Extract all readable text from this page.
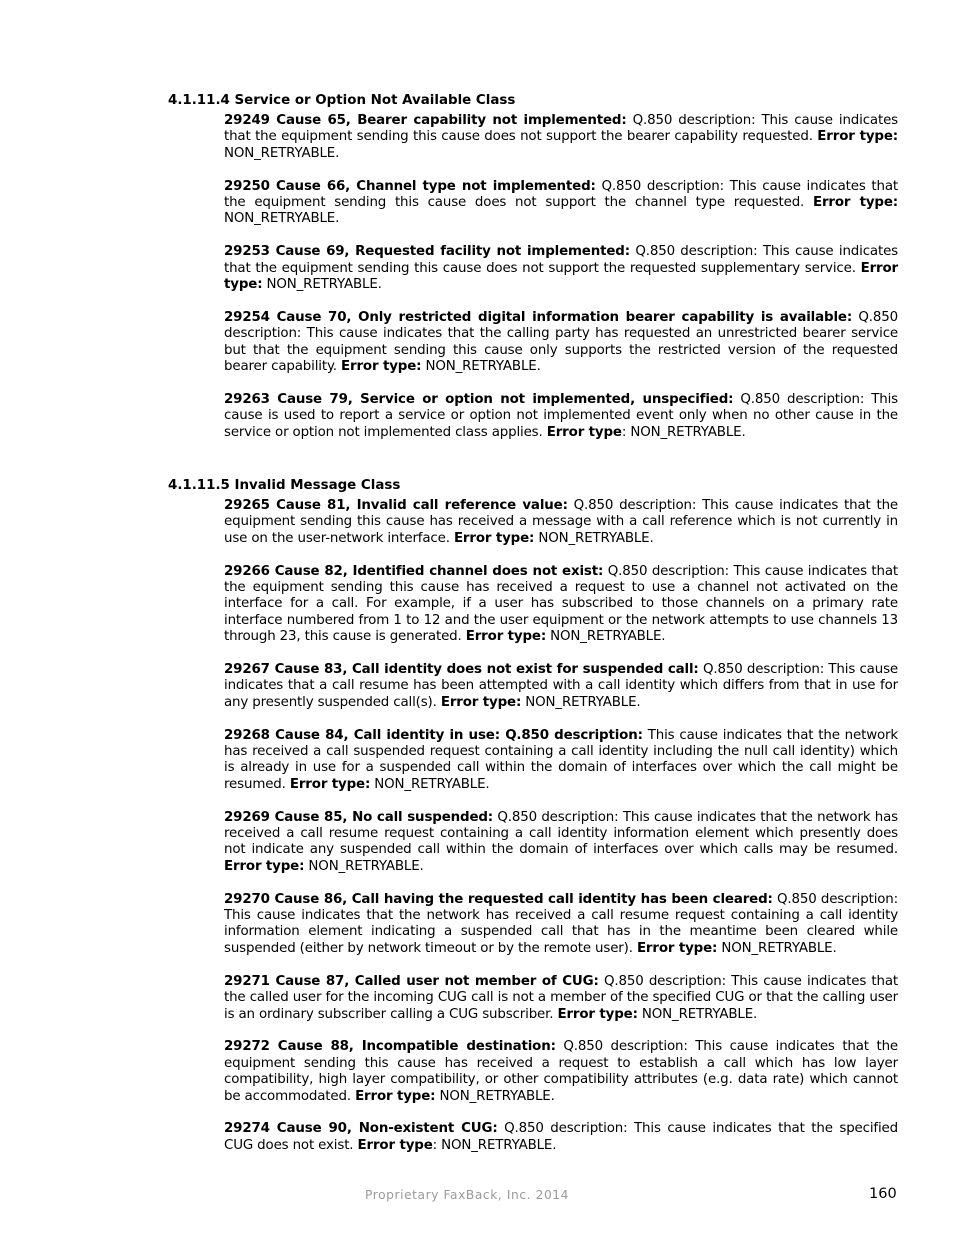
4.1.11.4 Service or Option Not Available Class

29249 Cause 65, Bearer capability not implemented: Q.850 description: This cause indicates that the equipment sending this cause does not support the bearer capability requested. Error type: NON_RETRYABLE.

29250 Cause 66, Channel type not implemented: Q.850 description: This cause indicates that the equipment sending this cause does not support the channel type requested. Error type: NON_RETRYABLE.

29253 Cause 69, Requested facility not implemented: Q.850 description: This cause indicates that the equipment sending this cause does not support the requested supplementary service. Error type: NON_RETRYABLE.

29254 Cause 70, Only restricted digital information bearer capability is available: Q.850 description: This cause indicates that the calling party has requested an unrestricted bearer service but that the equipment sending this cause only supports the restricted version of the requested bearer capability. Error type: NON_RETRYABLE.

29263 Cause 79, Service or option not implemented, unspecified: Q.850 description: This cause is used to report a service or option not implemented event only when no other cause in the service or option not implemented class applies. Error type: NON_RETRYABLE.

4.1.11.5 Invalid Message Class

29265 Cause 81, Invalid call reference value: Q.850 description: This cause indicates that the equipment sending this cause has received a message with a call reference which is not currently in use on the user-network interface. Error type: NON_RETRYABLE.

29266 Cause 82, Identified channel does not exist: Q.850 description: This cause indicates that the equipment sending this cause has received a request to use a channel not activated on the interface for a call. For example, if a user has subscribed to those channels on a primary rate interface numbered from 1 to 12 and the user equipment or the network attempts to use channels 13 through 23, this cause is generated. Error type: NON_RETRYABLE.

29267 Cause 83, Call identity does not exist for suspended call: Q.850 description: This cause indicates that a call resume has been attempted with a call identity which differs from that in use for any presently suspended call(s). Error type: NON_RETRYABLE.

29268 Cause 84, Call identity in use: Q.850 description: This cause indicates that the network has received a call suspended request containing a call identity including the null call identity) which is already in use for a suspended call within the domain of interfaces over which the call might be resumed. Error type: NON_RETRYABLE.

29269 Cause 85, No call suspended: Q.850 description: This cause indicates that the network has received a call resume request containing a call identity information element which presently does not indicate any suspended call within the domain of interfaces over which calls may be resumed. Error type: NON_RETRYABLE.

29270 Cause 86, Call having the requested call identity has been cleared: Q.850 description: This cause indicates that the network has received a call resume request containing a call identity information element indicating a suspended call that has in the meantime been cleared while suspended (either by network timeout or by the remote user). Error type: NON_RETRYABLE.

29271 Cause 87, Called user not member of CUG: Q.850 description: This cause indicates that the called user for the incoming CUG call is not a member of the specified CUG or that the calling user is an ordinary subscriber calling a CUG subscriber. Error type: NON_RETRYABLE.

29272 Cause 88, Incompatible destination: Q.850 description: This cause indicates that the equipment sending this cause has received a request to establish a call which has low layer compatibility, high layer compatibility, or other compatibility attributes (e.g. data rate) which cannot be accommodated. Error type: NON_RETRYABLE.

29274 Cause 90, Non-existent CUG: Q.850 description: This cause indicates that the specified CUG does not exist. Error type: NON_RETRYABLE.

Proprietary FaxBack, Inc. 2014	160
